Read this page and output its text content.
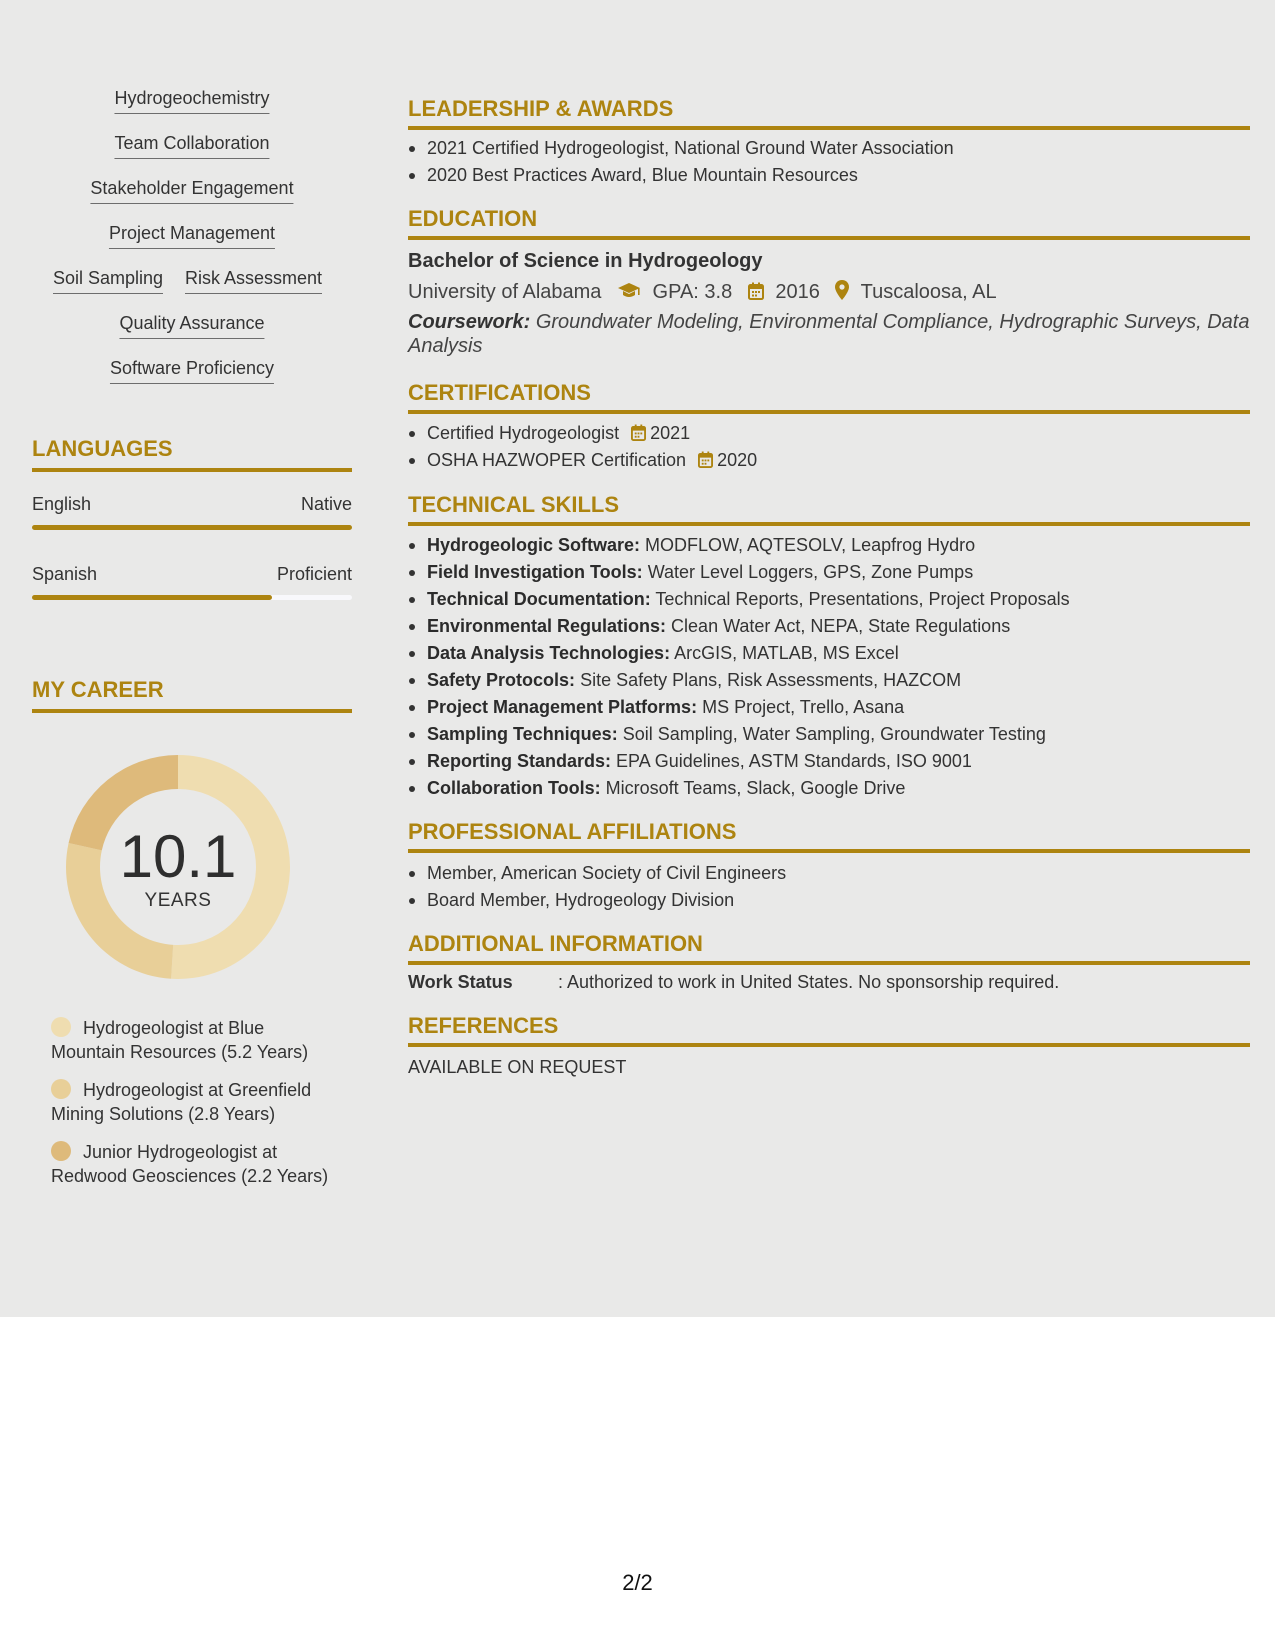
Hydrogeochemistry
Team Collaboration
Stakeholder Engagement
Project Management
Soil Sampling Risk Assessment
Quality Assurance
Software Proficiency
LANGUAGES
English	Native
Spanish	Proficient
MY CAREER
10.1
YEARS
Hydrogeologist at Blue Mountain Resources (5.2 Years)
Hydrogeologist at Greenfield Mining Solutions (2.8 Years)
Junior Hydrogeologist at Redwood Geosciences (2.2 Years)
LEADERSHIP & AWARDS
2021 Certified Hydrogeologist, National Ground Water Association
2020 Best Practices Award, Blue Mountain Resources
EDUCATION
Bachelor of Science in Hydrogeology
University of Alabama	GPA: 3.8 2016 Tuscaloosa, AL
Coursework: Groundwater Modeling, Environmental Compliance, Hydrographic Surveys, Data Analysis
CERTIFICATIONS
Certified Hydrogeologist 2021
OSHA HAZWOPER Certification 2020
TECHNICAL SKILLS
Hydrogeologic Software: MODFLOW, AQTESOLV, Leapfrog Hydro
Field Investigation Tools: Water Level Loggers, GPS, Zone Pumps
Technical Documentation: Technical Reports, Presentations, Project Proposals
Environmental Regulations: Clean Water Act, NEPA, State Regulations
Data Analysis Technologies: ArcGIS, MATLAB, MS Excel
Safety Protocols: Site Safety Plans, Risk Assessments, HAZCOM
Project Management Platforms: MS Project, Trello, Asana
Sampling Techniques: Soil Sampling, Water Sampling, Groundwater Testing
Reporting Standards: EPA Guidelines, ASTM Standards, ISO 9001
Collaboration Tools: Microsoft Teams, Slack, Google Drive
PROFESSIONAL AFFILIATIONS
Member, American Society of Civil Engineers
Board Member, Hydrogeology Division
ADDITIONAL INFORMATION
Work Status	: Authorized to work in United States. No sponsorship required.
REFERENCES
AVAILABLE ON REQUEST
2/2
